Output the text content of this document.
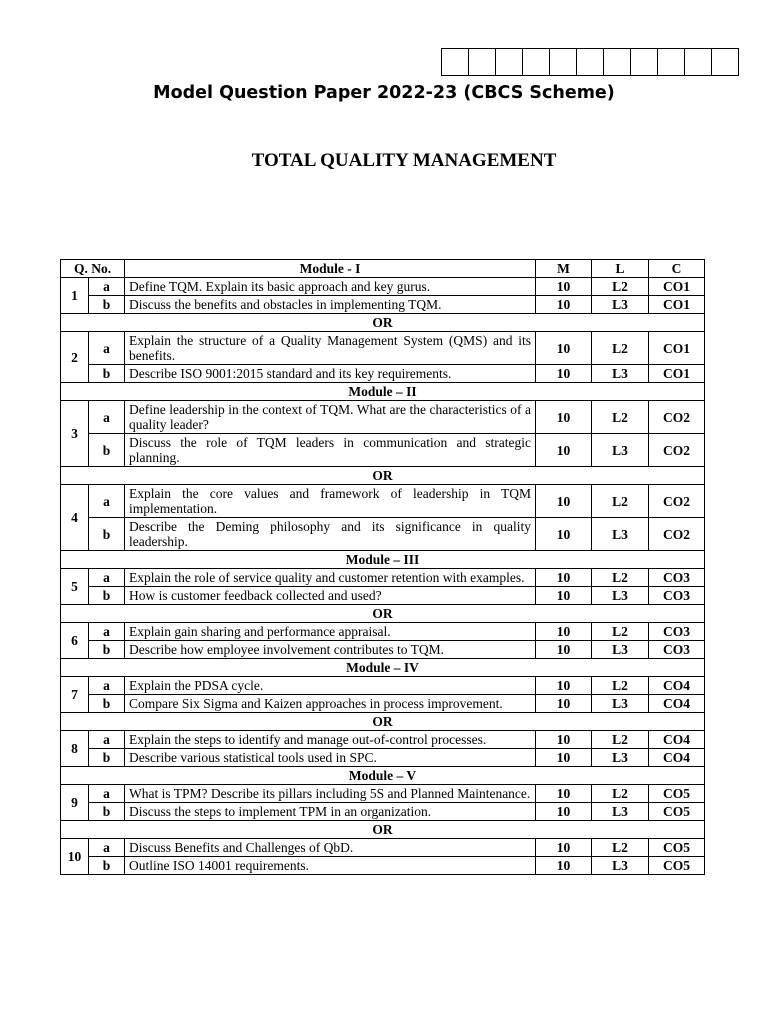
Model Question Paper 2022-23 (CBCS Scheme)
TOTAL QUALITY MANAGEMENT
Q. No.		Module - I	M	L	C
1	a	Define TQM. Explain its basic approach and key gurus.	10	L2	CO1
	b	Discuss the benefits and obstacles in implementing TQM.	10	L3	CO1
OR					
2	a	Explain the structure of a Quality Management System (QMS) and its benefits.	10	L2	CO1
	b	Describe ISO 9001:2015 standard and its key requirements.	10	L3	CO1
Module – II					
3	a	Define leadership in the context of TQM. What are the characteristics of a quality leader?	10	L2	CO2
	b	Discuss the role of TQM leaders in communication and strategic planning.	10	L3	CO2
OR					
4	a	Explain the core values and framework of leadership in TQM implementation.	10	L2	CO2
	b	Describe the Deming philosophy and its significance in quality leadership.	10	L3	CO2
Module – III					
5	a	Explain the role of service quality and customer retention with examples.	10	L2	CO3
	b	How is customer feedback collected and used?	10	L3	CO3
OR					
6	a	Explain gain sharing and performance appraisal.	10	L2	CO3
	b	Describe how employee involvement contributes to TQM.	10	L3	CO3
Module – IV					
7	a	Explain the PDSA cycle.	10	L2	CO4
	b	Compare Six Sigma and Kaizen approaches in process improvement.	10	L3	CO4
OR					
8	a	Explain the steps to identify and manage out-of-control processes.	10	L2	CO4
	b	Describe various statistical tools used in SPC.	10	L3	CO4
Module – V					
9	a	What is TPM? Describe its pillars including 5S and Planned Maintenance.	10	L2	CO5
	b	Discuss the steps to implement TPM in an organization.	10	L3	CO5
OR					
10	a	Discuss Benefits and Challenges of QbD.	10	L2	CO5
	b	Outline ISO 14001 requirements.	10	L3	CO5
